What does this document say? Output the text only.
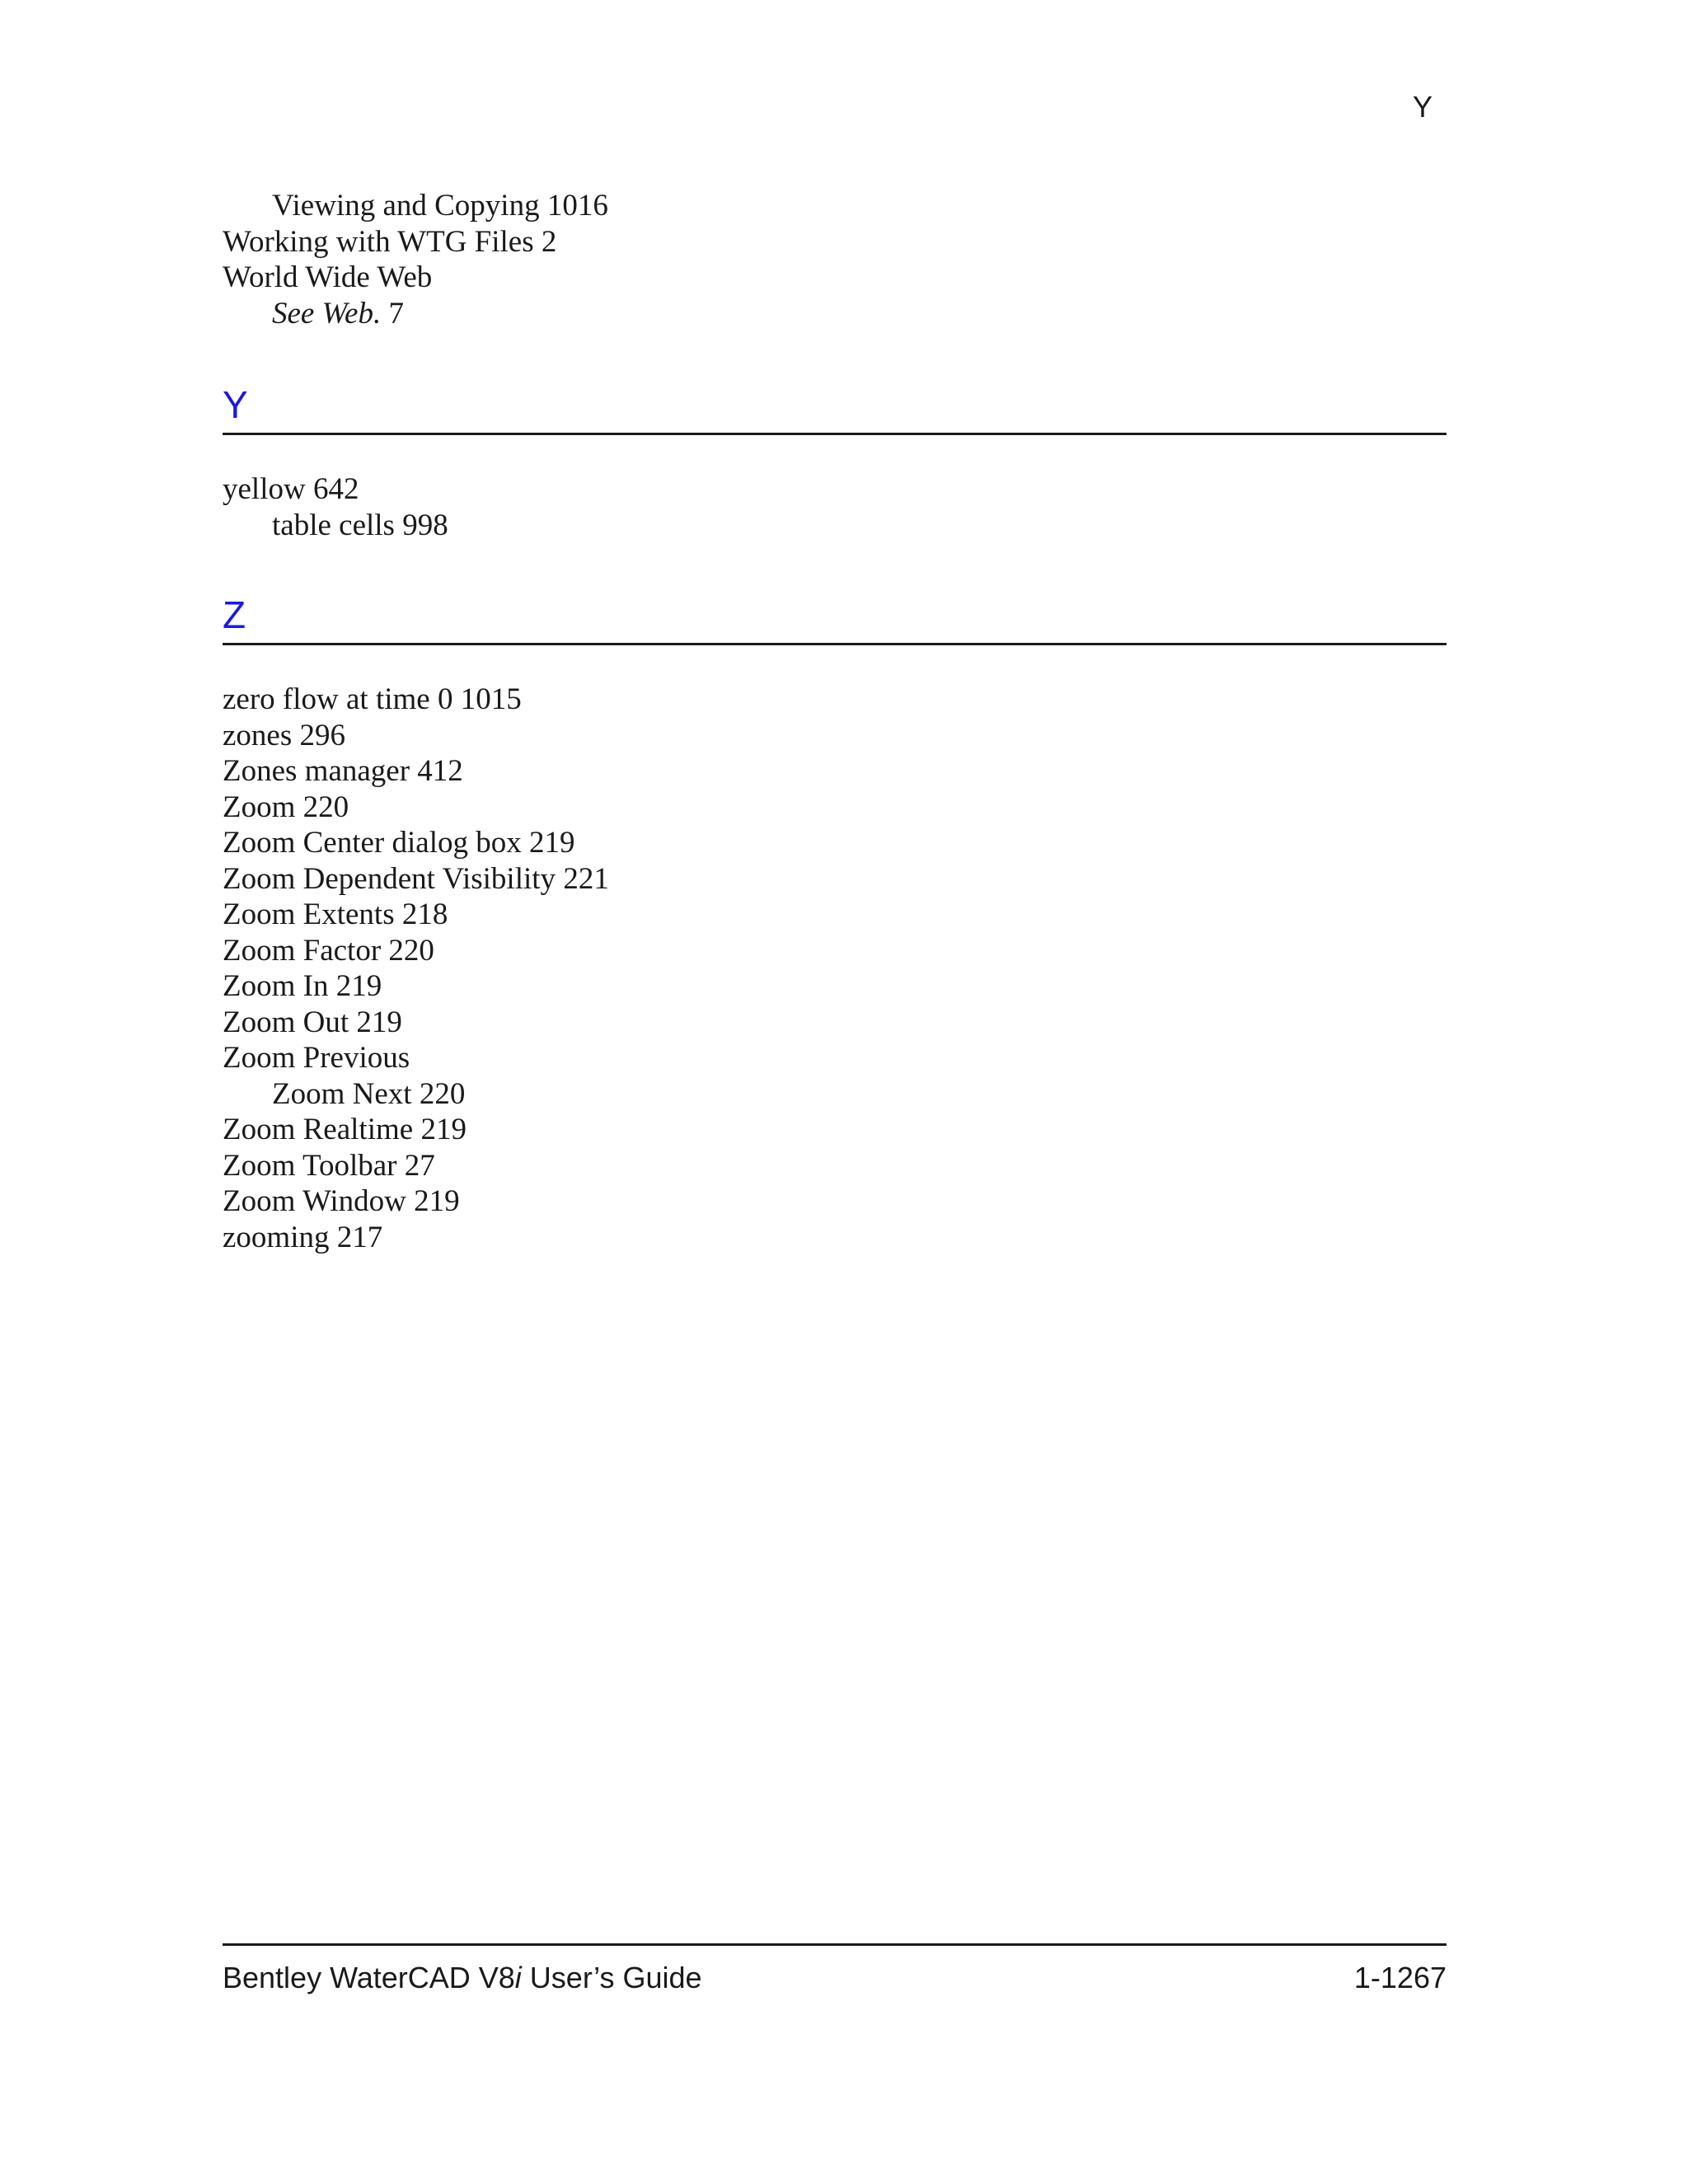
Y

Viewing and Copying 1016
Working with WTG Files 2
World Wide Web
See Web. 7
Y
yellow 642
table cells 998
Z
zero flow at time 0 1015
zones 296
Zones manager 412
Zoom 220
Zoom Center dialog box 219
Zoom Dependent Visibility 221
Zoom Extents 218
Zoom Factor 220
Zoom In 219
Zoom Out 219
Zoom Previous
Zoom Next 220
Zoom Realtime 219
Zoom Toolbar 27
Zoom Window 219
zooming 217

Bentley WaterCAD V8i User’s Guide	1-1267
